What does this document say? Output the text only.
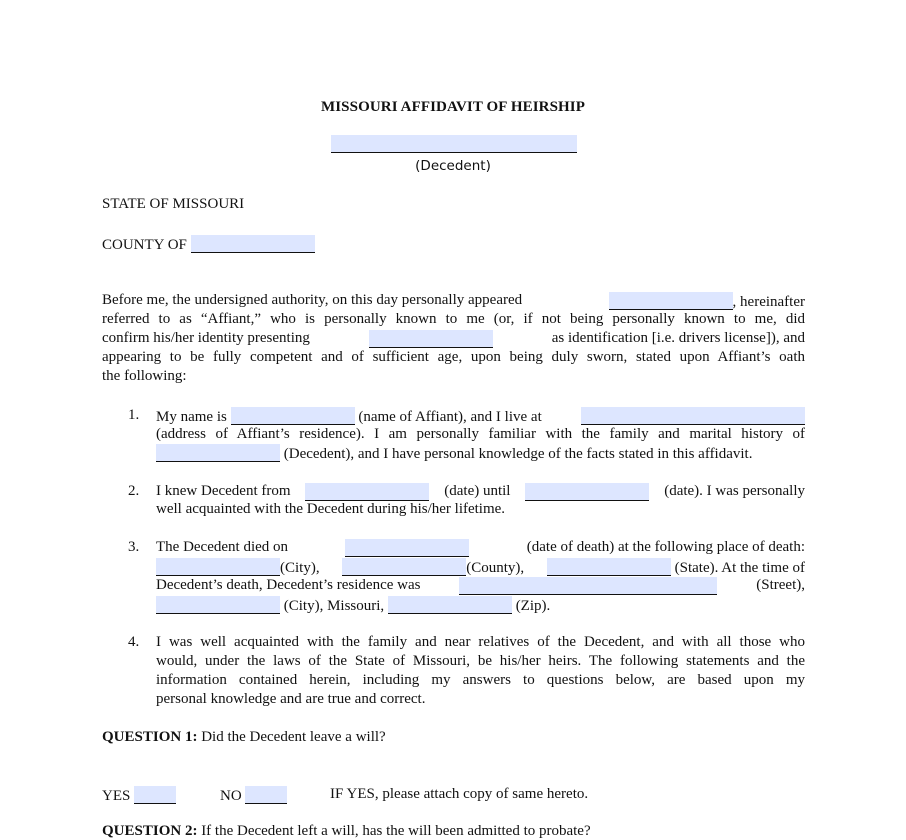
MISSOURI AFFIDAVIT OF HEIRSHIP
(Decedent)
STATE OF MISSOURI
COUNTY OF
Before me, the undersigned authority, on this day personally appeared	, hereinafter
referred to as “Affiant,” who is personally known to me (or, if not being personally known to me, did
confirm his/her identity presenting	as identification [i.e. drivers license]), and
appearing to be fully competent and of sufficient age, upon being duly sworn, stated upon Affiant’s oath
the following:
1. My name is	(name of Affiant), and I live at
(address of Affiant’s residence). I am personally familiar with the family and marital history of
(Decedent), and I have personal knowledge of the facts stated in this affidavit.
2. I knew Decedent from	(date) until	(date). I was personally
well acquainted with the Decedent during his/her lifetime.
3. The Decedent died on	(date of death) at the following place of death:
(City),	(County),	(State). At the time of
Decedent’s death, Decedent’s residence was	(Street),
(City), Missouri,	(Zip).
4. I was well acquainted with the family and near relatives of the Decedent, and with all those who
would, under the laws of the State of Missouri, be his/her heirs. The following statements and the
information contained herein, including my answers to questions below, are based upon my
personal knowledge and are true and correct.
QUESTION 1: Did the Decedent leave a will?
YES	NO	IF YES, please attach copy of same hereto.
QUESTION 2: If the Decedent left a will, has the will been admitted to probate?
